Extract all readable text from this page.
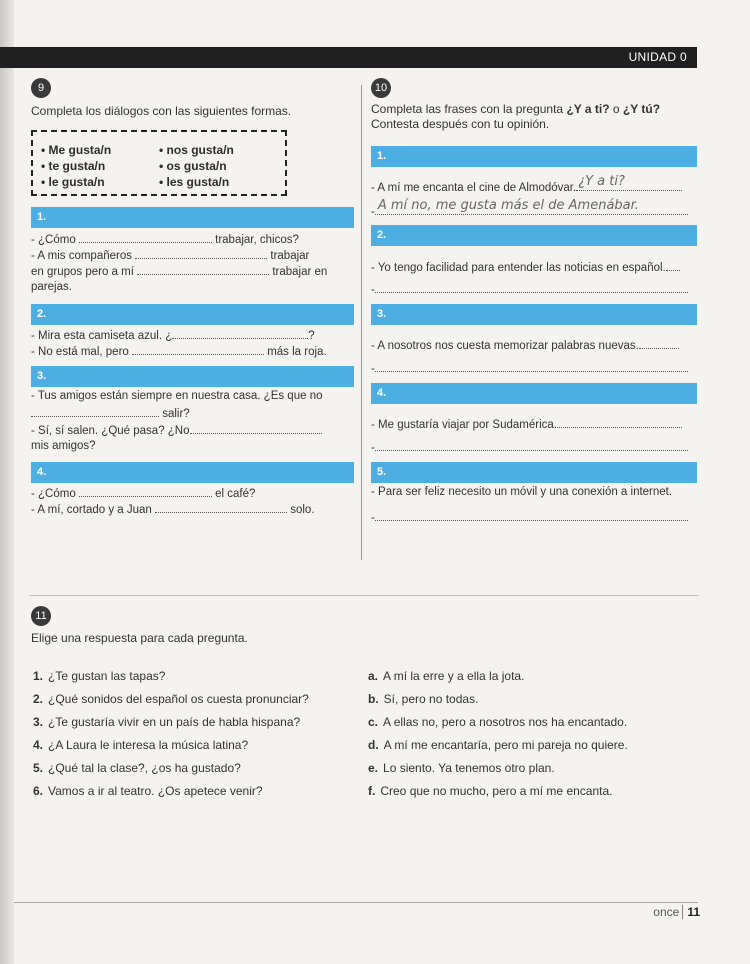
UNIDAD 0
9
Completa los diálogos con las siguientes formas.
• Me gusta/n
• te gusta/n
• le gusta/n
• nos gusta/n
• os gusta/n
• les gusta/n
1.
- ¿Cómo	trabajar, chicos?
- A mis compañeros	trabajar
en grupos pero a mí	trabajar en
parejas.
2.
- Mira esta camiseta azul. ¿	?
- No está mal, pero	más la roja.
3.
- Tus amigos están siempre en nuestra casa. ¿Es que no
salir?
- Sí, sí salen. ¿Qué pasa? ¿No
mis amigos?
4.
- ¿Cómo	el café?
- A mí, cortado y a Juan	solo.
10
Completa las frases con la pregunta ¿Y a ti? o ¿Y tú?
Contesta después con tu opinión.
1.
- A mí me encanta el cine de Almodóvar. ¿Y a ti?
- A mí no, me gusta más el de Amenábar.
2.
- Yo tengo facilidad para entender las noticias en español.
-
3.
- A nosotros nos cuesta memorizar palabras nuevas.
-
4.
- Me gustaría viajar por Sudamérica.
-
5.
- Para ser feliz necesito un móvil y una conexión a internet.
-
11
Elige una respuesta para cada pregunta.
1. ¿Te gustan las tapas?
2. ¿Qué sonidos del español os cuesta pronunciar?
3. ¿Te gustaría vivir en un país de habla hispana?
4. ¿A Laura le interesa la música latina?
5. ¿Qué tal la clase?, ¿os ha gustado?
6. Vamos a ir al teatro. ¿Os apetece venir?
a. A mí la erre y a ella la jota.
b. Sí, pero no todas.
c. A ellas no, pero a nosotros nos ha encantado.
d. A mí me encantaría, pero mi pareja no quiere.
e. Lo siento. Ya tenemos otro plan.
f. Creo que no mucho, pero a mí me encanta.
once 11
